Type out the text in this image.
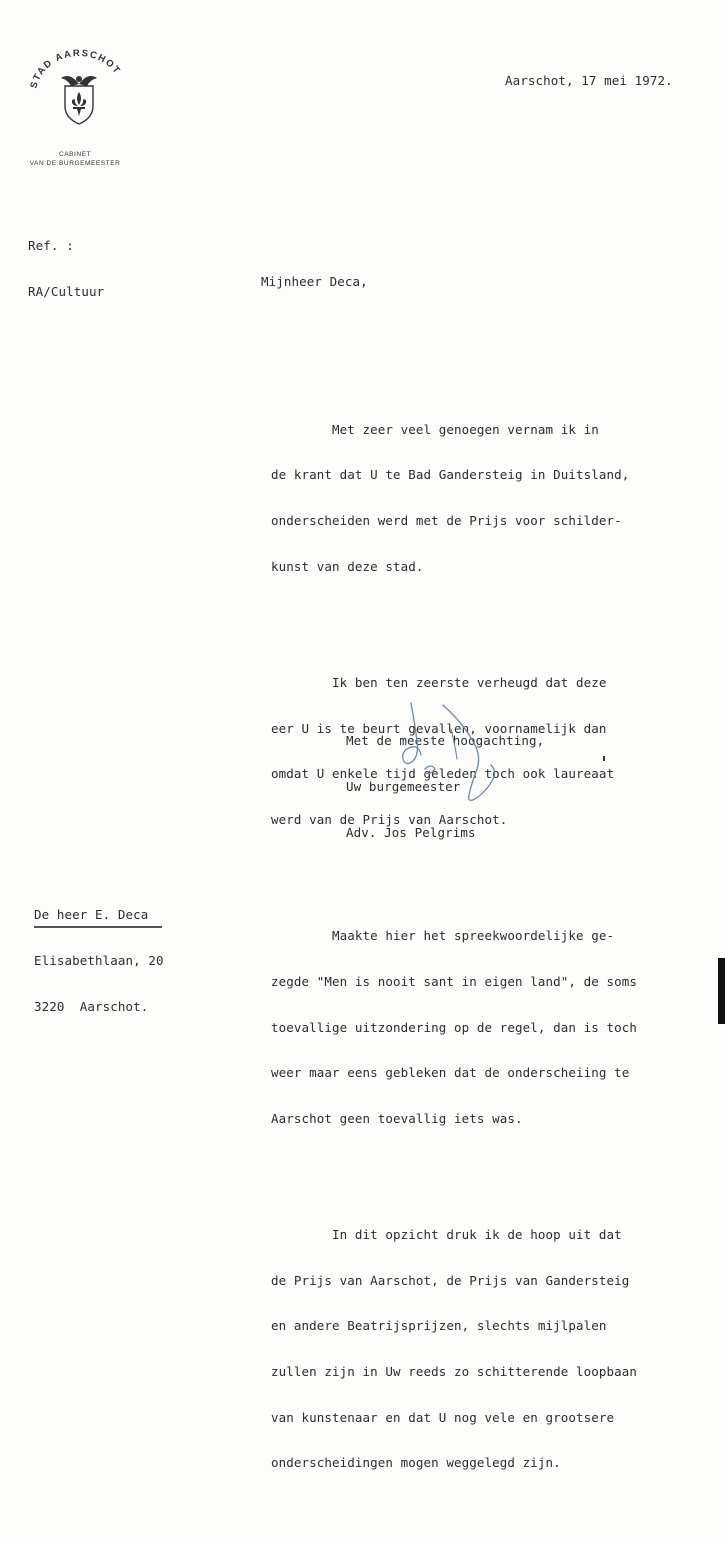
STAD AARSCHOT
CABINET
VAN DE BURGEMEESTER
Aarschot, 17 mei 1972.

Ref. :

RA/Cultuur

Mijnheer Deca,

Met zeer veel genoegen vernam ik in

de krant dat U te Bad Gandersteig in Duitsland,

onderscheiden werd met de Prijs voor schilder-

kunst van deze stad.

Ik ben ten zeerste verheugd dat deze

eer U is te beurt gevallen, voornamelijk dan

omdat U enkele tijd geleden toch ook laureaat

werd van de Prijs van Aarschot.

Maakte hier het spreekwoordelijke ge-

zegde "Men is nooit sant in eigen land", de soms

toevallige uitzondering op de regel, dan is toch

weer maar eens gebleken dat de onderscheiing te

Aarschot geen toevallig iets was.

In dit opzicht druk ik de hoop uit dat

de Prijs van Aarschot, de Prijs van Gandersteig

en andere Beatrijsprijzen, slechts mijlpalen

zullen zijn in Uw reeds zo schitterende loopbaan

van kunstenaar en dat U nog vele en grootsere

onderscheidingen mogen weggelegd zijn.

Met de meeste hoogachting,

Uw burgemeester

Adv. Jos Pelgrims

De heer E. Deca

Elisabethlaan, 20

3220  Aarschot.
